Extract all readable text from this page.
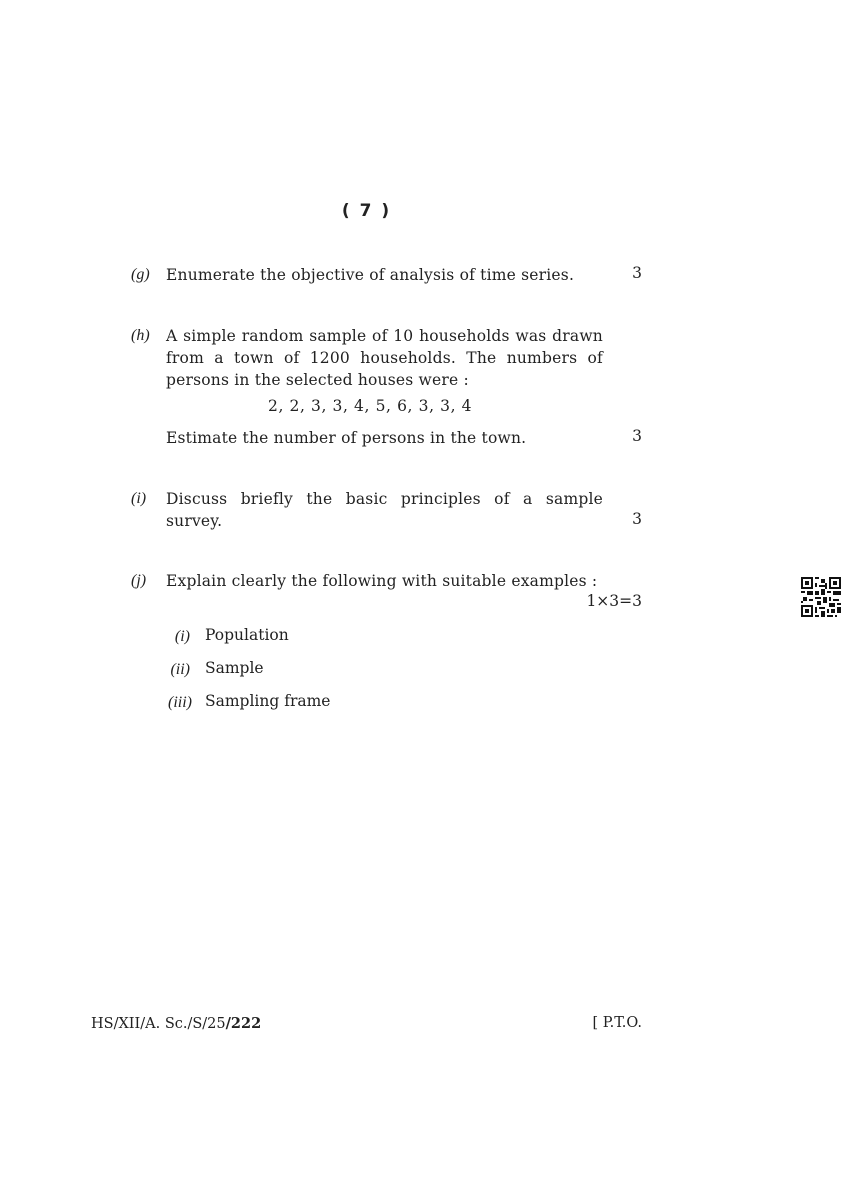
( 7 )
(g) Enumerate the objective of analysis of time series.	3
(h) A simple random sample of 10 households was drawn from a town of 1200 households. The numbers of persons in the selected houses were :
2, 2, 3, 3, 4, 5, 6, 3, 3, 4
Estimate the number of persons in the town.	3
(i) Discuss briefly the basic principles of a sample
survey.	3
(j) Explain clearly the following with suitable examples :
1×3=3
(i) Population
(ii) Sample
(iii) Sampling frame
HS/XII/A. Sc./S/25/222	[ P.T.O.
